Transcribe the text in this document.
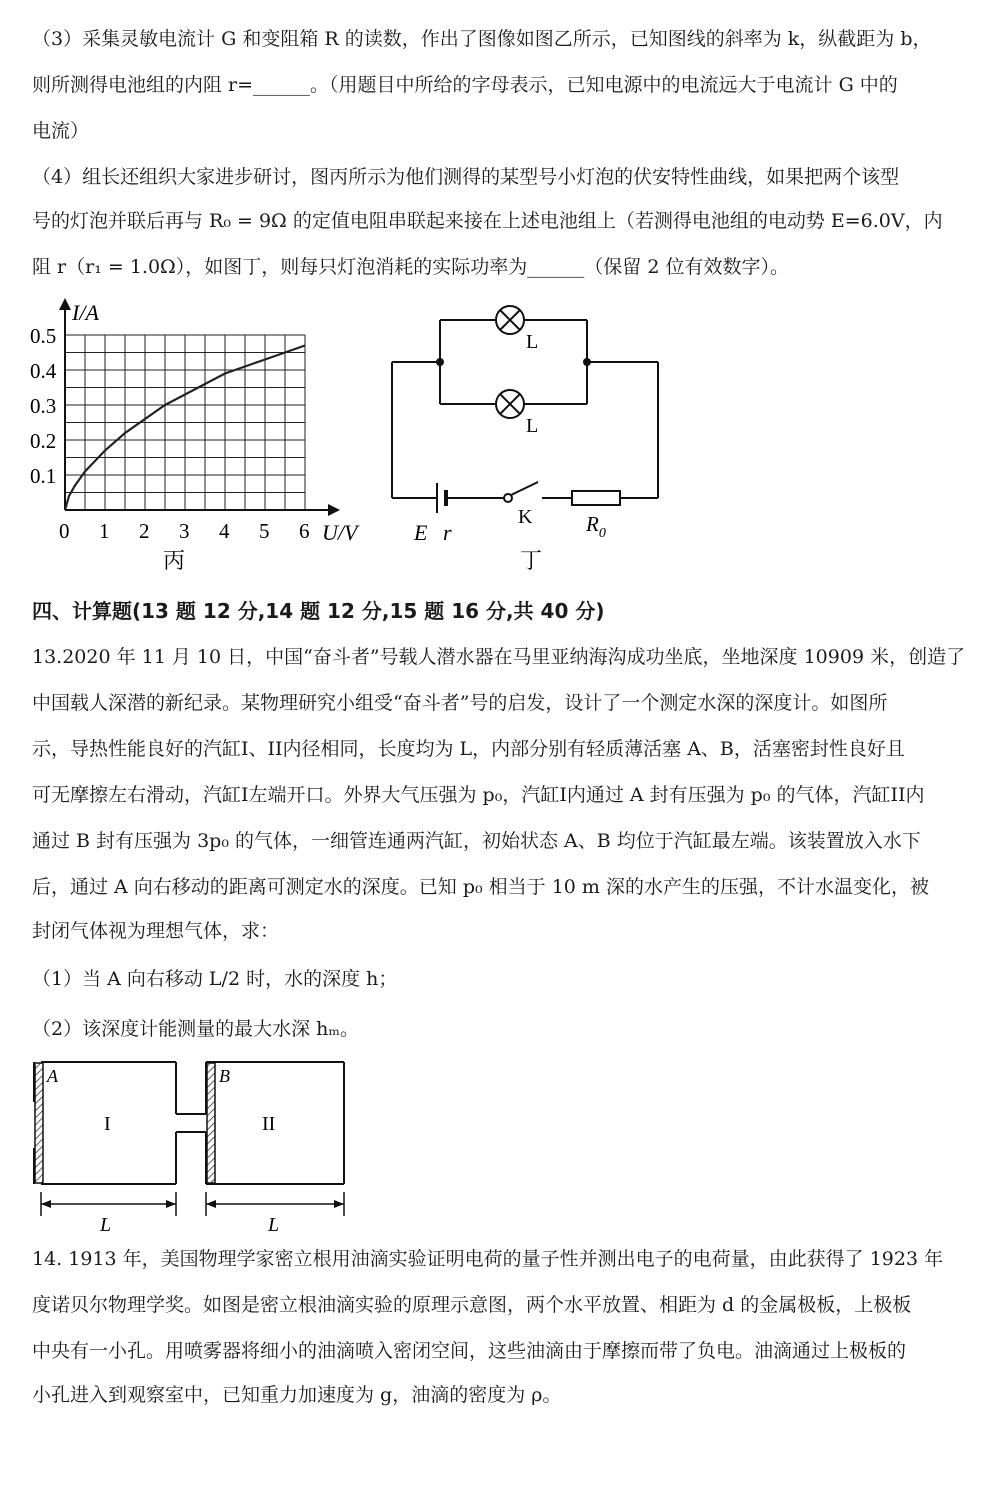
（3）采集灵敏电流计 G 和变阻箱 R 的读数，作出了图像如图乙所示，已知图线的斜率为 k，纵截距为 b，
则所测得电池组的内阻 r=______。（用题目中所给的字母表示，已知电源中的电流远大于电流计 G 中的
电流）
（4）组长还组织大家进步研讨，图丙所示为他们测得的某型号小灯泡的伏安特性曲线，如果把两个该型
号的灯泡并联后再与 R₀ = 9Ω 的定值电阻串联起来接在上述电池组上（若测得电池组的电动势 E=6.0V，内
阻 r（r₁ = 1.0Ω），如图丁，则每只灯泡消耗的实际功率为______（保留 2 位有效数字）。
0.1
0.2
0.3
0.4
0.5
0 1 2 3 4 5 6
I/A
U/V
丙
L
L
E r
K	$R_0$
丁
四、计算题(13 题 12 分,14 题 12 分,15 题 16 分,共 40 分)
13.2020 年 11 月 10 日，中国“奋斗者”号载人潜水器在马里亚纳海沟成功坐底，坐地深度 10909 米，创造了
中国载人深潜的新纪录。某物理研究小组受“奋斗者”号的启发，设计了一个测定水深的深度计。如图所
示，导热性能良好的汽缸I、II内径相同，长度均为 L，内部分别有轻质薄活塞 A、B，活塞密封性良好且
可无摩擦左右滑动，汽缸I左端开口。外界大气压强为 p₀，汽缸I内通过 A 封有压强为 p₀ 的气体，汽缸II内
通过 B 封有压强为 3p₀ 的气体，一细管连通两汽缸，初始状态 A、B 均位于汽缸最左端。该装置放入水下
后，通过 A 向右移动的距离可测定水的深度。已知 p₀ 相当于 10 m 深的水产生的压强，不计水温变化，被
封闭气体视为理想气体，求：
（1）当 A 向右移动 L/2 时，水的深度 h；
（2）该深度计能测量的最大水深 hₘ。
A
I
B
II
L	L
14. 1913 年，美国物理学家密立根用油滴实验证明电荷的量子性并测出电子的电荷量，由此获得了 1923 年
度诺贝尔物理学奖。如图是密立根油滴实验的原理示意图，两个水平放置、相距为 d 的金属极板，上极板
中央有一小孔。用喷雾器将细小的油滴喷入密闭空间，这些油滴由于摩擦而带了负电。油滴通过上极板的
小孔进入到观察室中，已知重力加速度为 g，油滴的密度为 ρ。
